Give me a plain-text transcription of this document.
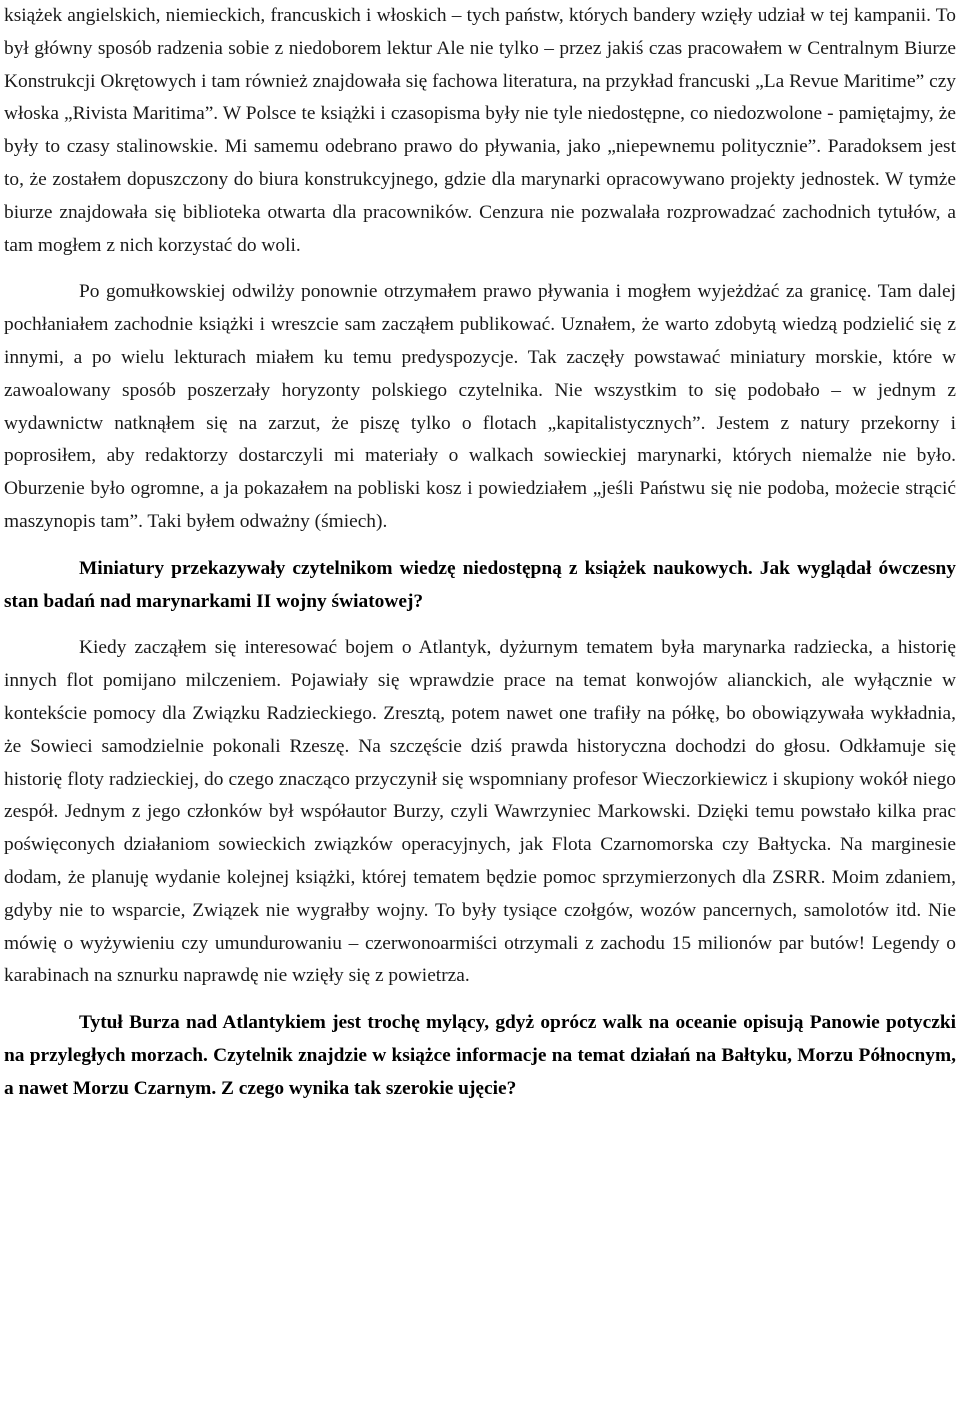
książek angielskich, niemieckich, francuskich i włoskich – tych państw, których bandery wzięły udział w tej kampanii. To był główny sposób radzenia sobie z niedoborem lektur Ale nie tylko – przez jakiś czas pracowałem w Centralnym Biurze Konstrukcji Okrętowych i tam również znajdowała się fachowa literatura, na przykład francuski „La Revue Maritime” czy włoska „Rivista Maritima”. W Polsce te książki i czasopisma były nie tyle niedostępne, co niedozwolone - pamiętajmy, że były to czasy stalinowskie. Mi samemu odebrano prawo do pływania, jako „niepewnemu politycznie”. Paradoksem jest to, że zostałem dopuszczony do biura konstrukcyjnego, gdzie dla marynarki opracowywano projekty jednostek. W tymże biurze znajdowała się biblioteka otwarta dla pracowników. Cenzura nie pozwalała rozprowadzać zachodnich tytułów, a tam mogłem z nich korzystać do woli.

Po gomułkowskiej odwilży ponownie otrzymałem prawo pływania i mogłem wyjeżdżać za granicę. Tam dalej pochłaniałem zachodnie książki i wreszcie sam zacząłem publikować. Uznałem, że warto zdobytą wiedzą podzielić się z innymi, a po wielu lekturach miałem ku temu predyspozycje. Tak zaczęły powstawać miniatury morskie, które w zawoalowany sposób poszerzały horyzonty polskiego czytelnika. Nie wszystkim to się podobało – w jednym z wydawnictw natknąłem się na zarzut, że piszę tylko o flotach „kapitalistycznych”. Jestem z natury przekorny i poprosiłem, aby redaktorzy dostarczyli mi materiały o walkach sowieckiej marynarki, których niemalże nie było. Oburzenie było ogromne, a ja pokazałem na pobliski kosz i powiedziałem „jeśli Państwu się nie podoba, możecie strącić maszynopis tam”. Taki byłem odważny (śmiech).

Miniatury przekazywały czytelnikom wiedzę niedostępną z książek naukowych. Jak wyglądał ówczesny stan badań nad marynarkami II wojny światowej?

Kiedy zacząłem się interesować bojem o Atlantyk, dyżurnym tematem była marynarka radziecka, a historię innych flot pomijano milczeniem. Pojawiały się wprawdzie prace na temat konwojów alianckich, ale wyłącznie w kontekście pomocy dla Związku Radzieckiego. Zresztą, potem nawet one trafiły na półkę, bo obowiązywała wykładnia, że Sowieci samodzielnie pokonali Rzeszę. Na szczęście dziś prawda historyczna dochodzi do głosu. Odkłamuje się historię floty radzieckiej, do czego znacząco przyczynił się wspomniany profesor Wieczorkiewicz i skupiony wokół niego zespół. Jednym z jego członków był współautor Burzy, czyli Wawrzyniec Markowski. Dzięki temu powstało kilka prac poświęconych działaniom sowieckich związków operacyjnych, jak Flota Czarnomorska czy Bałtycka. Na marginesie dodam, że planuję wydanie kolejnej książki, której tematem będzie pomoc sprzymierzonych dla ZSRR. Moim zdaniem, gdyby nie to wsparcie, Związek nie wygrałby wojny. To były tysiące czołgów, wozów pancernych, samolotów itd. Nie mówię o wyżywieniu czy umundurowaniu – czerwonoarmiści otrzymali z zachodu 15 milionów par butów! Legendy o karabinach na sznurku naprawdę nie wzięły się z powietrza.

Tytuł Burza nad Atlantykiem jest trochę mylący, gdyż oprócz walk na oceanie opisują Panowie potyczki na przyległych morzach. Czytelnik znajdzie w książce informacje na temat działań na Bałtyku, Morzu Północnym, a nawet Morzu Czarnym. Z czego wynika tak szerokie ujęcie?
